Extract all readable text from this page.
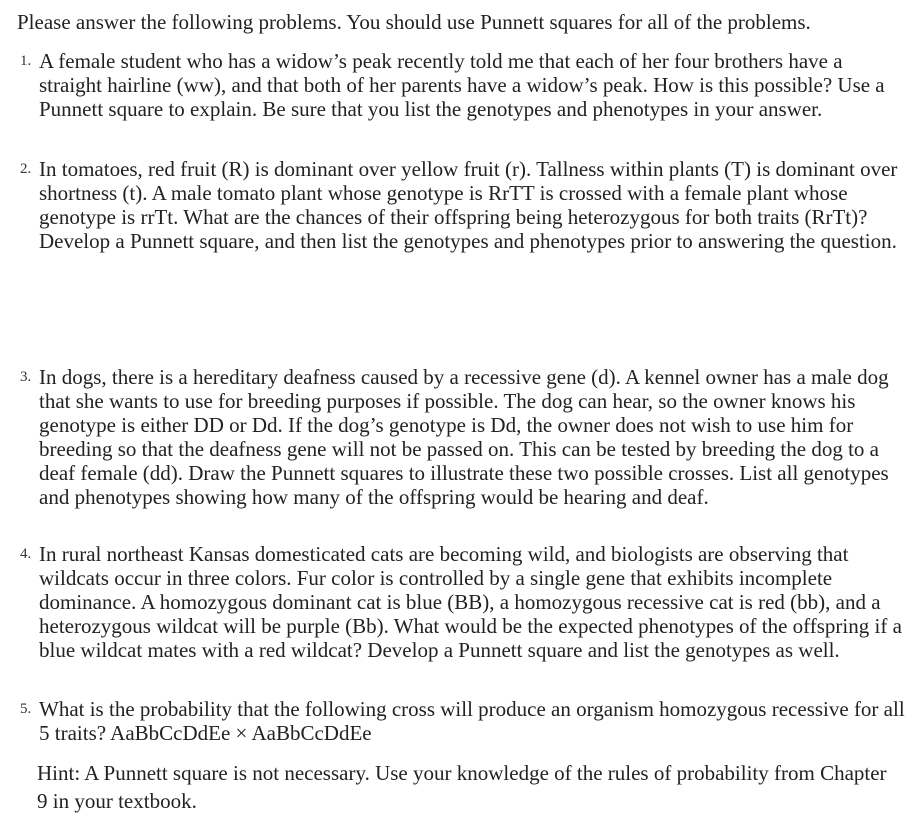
Please answer the following problems. You should use Punnett squares for all of the problems.
1. A female student who has a widow’s peak recently told me that each of her four brothers have a straight hairline (ww), and that both of her parents have a widow’s peak. How is this possible? Use a Punnett square to explain. Be sure that you list the genotypes and phenotypes in your answer.
2. In tomatoes, red fruit (R) is dominant over yellow fruit (r). Tallness within plants (T) is dominant over shortness (t). A male tomato plant whose genotype is RrTT is crossed with a female plant whose genotype is rrTt. What are the chances of their offspring being heterozygous for both traits (RrTt)? Develop a Punnett square, and then list the genotypes and phenotypes prior to answering the question.
3. In dogs, there is a hereditary deafness caused by a recessive gene (d). A kennel owner has a male dog that she wants to use for breeding purposes if possible. The dog can hear, so the owner knows his genotype is either DD or Dd. If the dog’s genotype is Dd, the owner does not wish to use him for breeding so that the deafness gene will not be passed on. This can be tested by breeding the dog to a deaf female (dd). Draw the Punnett squares to illustrate these two possible crosses. List all genotypes and phenotypes showing how many of the offspring would be hearing and deaf.
4. In rural northeast Kansas domesticated cats are becoming wild, and biologists are observing that wildcats occur in three colors. Fur color is controlled by a single gene that exhibits incomplete dominance. A homozygous dominant cat is blue (BB), a homozygous recessive cat is red (bb), and a heterozygous wildcat will be purple (Bb). What would be the expected phenotypes of the offspring if a blue wildcat mates with a red wildcat? Develop a Punnett square and list the genotypes as well.
5. What is the probability that the following cross will produce an organism homozygous recessive for all 5 traits? AaBbCcDdEe × AaBbCcDdEe
Hint: A Punnett square is not necessary. Use your knowledge of the rules of probability from Chapter 9 in your textbook.
